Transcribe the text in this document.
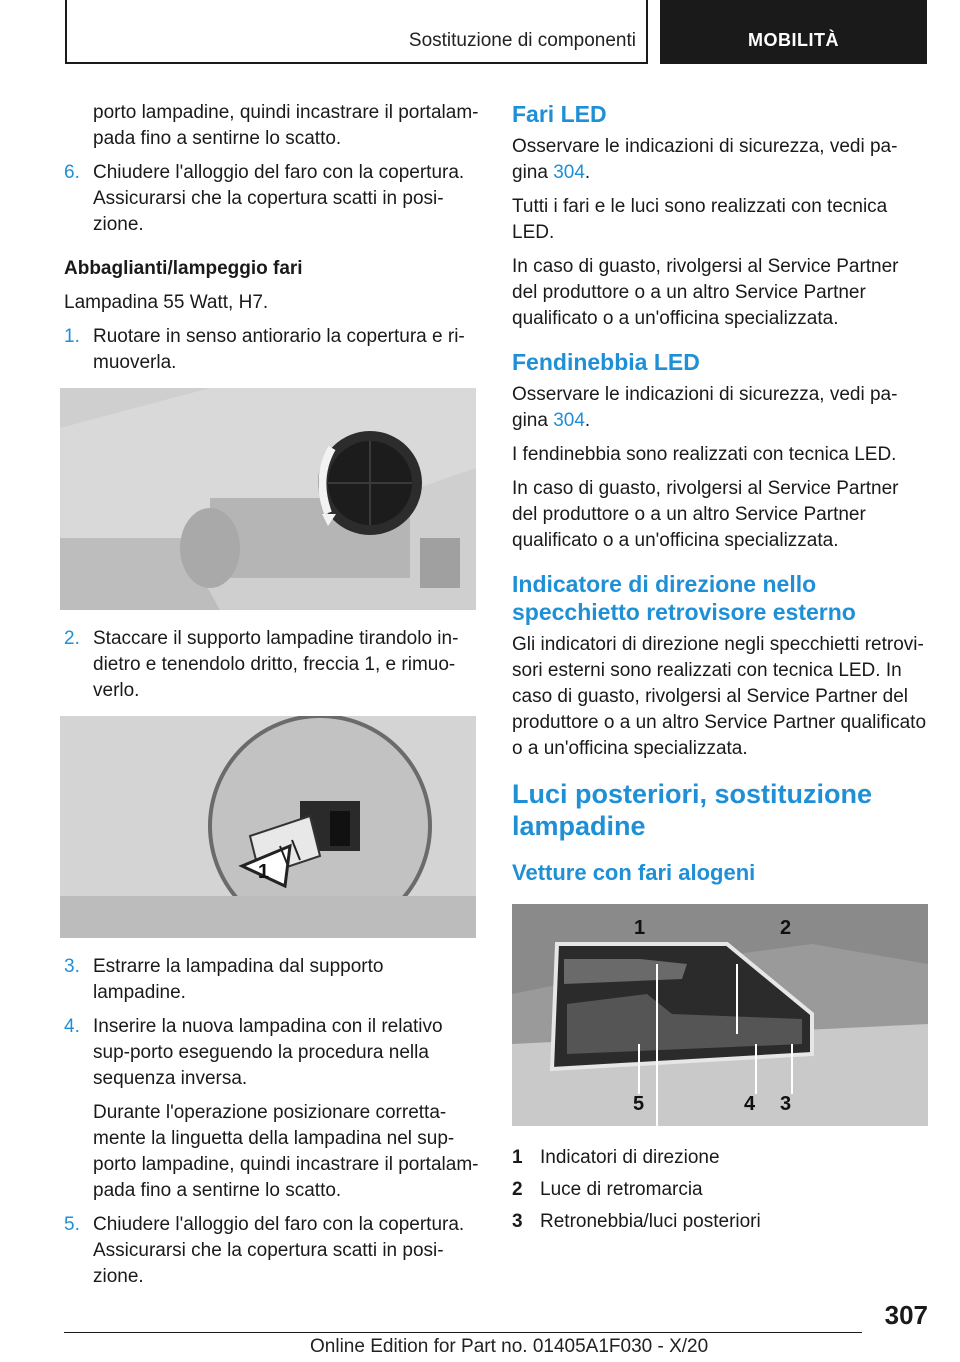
Sostituzione di componenti	MOBILITÀ

porto lampadine, quindi incastrare il portalam-pada fino a sentirne lo scatto.

6. Chiudere l'alloggio del faro con la copertura. Assicurarsi che la copertura scatti in posi-zione.

Abbaglianti/lampeggio fari

Lampadina 55 Watt, H7.

1. Ruotare in senso antiorario la copertura e ri-muoverla.

2. Staccare il supporto lampadine tirandolo in-dietro e tenendolo dritto, freccia 1, e rimuo-verlo.

1
3. Estrarre la lampadina dal supporto lampadine.

4. Inserire la nuova lampadina con il relativo sup-porto eseguendo la procedura nella sequenza inversa.

Durante l'operazione posizionare corretta-mente la linguetta della lampadina nel sup-porto lampadine, quindi incastrare il portalam-pada fino a sentirne lo scatto.

5. Chiudere l'alloggio del faro con la copertura. Assicurarsi che la copertura scatti in posi-zione.

Fari LED

Osservare le indicazioni di sicurezza, vedi pa-gina 304.

Tutti i fari e le luci sono realizzati con tecnica LED.

In caso di guasto, rivolgersi al Service Partner del produttore o a un altro Service Partner qualificato o a un'officina specializzata.

Fendinebbia LED

Osservare le indicazioni di sicurezza, vedi pa-gina 304.

I fendinebbia sono realizzati con tecnica LED.

In caso di guasto, rivolgersi al Service Partner del produttore o a un altro Service Partner qualificato o a un'officina specializzata.

Indicatore di direzione nello specchietto retrovisore esterno

Gli indicatori di direzione negli specchietti retrovi-sori esterni sono realizzati con tecnica LED. In caso di guasto, rivolgersi al Service Partner del produttore o a un altro Service Partner qualificato o a un'officina specializzata.

Luci posteriori, sostituzione lampadine
Vetture con fari alogeni
1	2
5	4 3
1 Indicatori di direzione
2 Luce di retromarcia
3 Retronebbia/luci posteriori
307
Online Edition for Part no. 01405A1F030 - X/20
